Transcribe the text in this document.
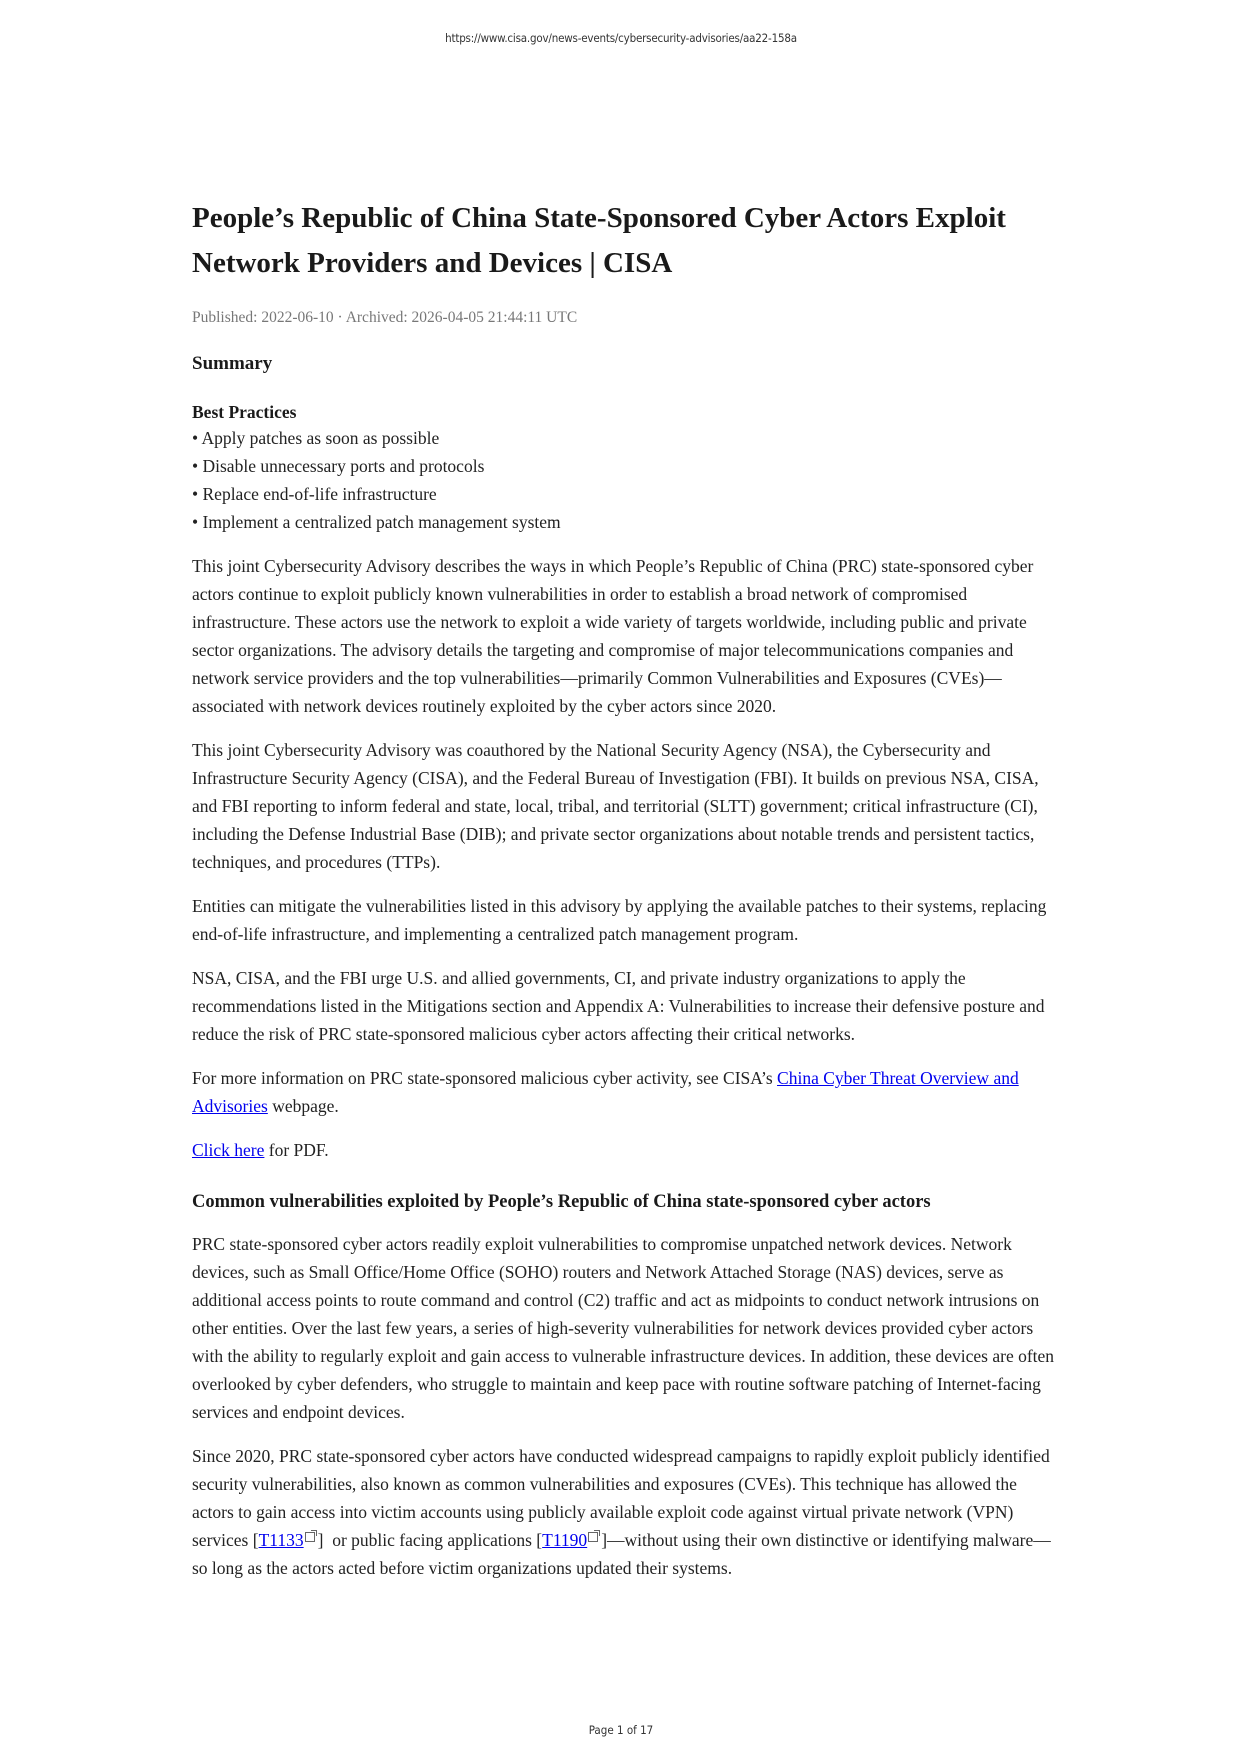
https://www.cisa.gov/news-events/cybersecurity-advisories/aa22-158a
People’s Republic of China State-Sponsored Cyber Actors Exploit Network Providers and Devices | CISA
Published: 2022-06-10 · Archived: 2026-04-05 21:44:11 UTC
Summary
Best Practices
• Apply patches as soon as possible
• Disable unnecessary ports and protocols
• Replace end-of-life infrastructure
• Implement a centralized patch management system

This joint Cybersecurity Advisory describes the ways in which People’s Republic of China (PRC) state-sponsored cyber actors continue to exploit publicly known vulnerabilities in order to establish a broad network of compromised infrastructure. These actors use the network to exploit a wide variety of targets worldwide, including public and private sector organizations. The advisory details the targeting and compromise of major telecommunications companies and network service providers and the top vulnerabilities—primarily Common Vulnerabilities and Exposures (CVEs)—associated with network devices routinely exploited by the cyber actors since 2020.

This joint Cybersecurity Advisory was coauthored by the National Security Agency (NSA), the Cybersecurity and Infrastructure Security Agency (CISA), and the Federal Bureau of Investigation (FBI). It builds on previous NSA, CISA, and FBI reporting to inform federal and state, local, tribal, and territorial (SLTT) government; critical infrastructure (CI), including the Defense Industrial Base (DIB); and private sector organizations about notable trends and persistent tactics, techniques, and procedures (TTPs).

Entities can mitigate the vulnerabilities listed in this advisory by applying the available patches to their systems, replacing end-of-life infrastructure, and implementing a centralized patch management program.

NSA, CISA, and the FBI urge U.S. and allied governments, CI, and private industry organizations to apply the recommendations listed in the Mitigations section and Appendix A: Vulnerabilities to increase their defensive posture and reduce the risk of PRC state-sponsored malicious cyber actors affecting their critical networks.

For more information on PRC state-sponsored malicious cyber activity, see CISA’s China Cyber Threat Overview and Advisories webpage.

Click here for PDF.

Common vulnerabilities exploited by People’s Republic of China state-sponsored cyber actors

PRC state-sponsored cyber actors readily exploit vulnerabilities to compromise unpatched network devices. Network devices, such as Small Office/Home Office (SOHO) routers and Network Attached Storage (NAS) devices, serve as additional access points to route command and control (C2) traffic and act as midpoints to conduct network intrusions on other entities. Over the last few years, a series of high-severity vulnerabilities for network devices provided cyber actors with the ability to regularly exploit and gain access to vulnerable infrastructure devices. In addition, these devices are often overlooked by cyber defenders, who struggle to maintain and keep pace with routine software patching of Internet-facing services and endpoint devices.

Since 2020, PRC state-sponsored cyber actors have conducted widespread campaigns to rapidly exploit publicly identified security vulnerabilities, also known as common vulnerabilities and exposures (CVEs). This technique has allowed the actors to gain access into victim accounts using publicly available exploit code against virtual private network (VPN) services [T1133 ]  or public facing applications [T1190 ]—without using their own distinctive or identifying malware—so long as the actors acted before victim organizations updated their systems.

Page 1 of 17
